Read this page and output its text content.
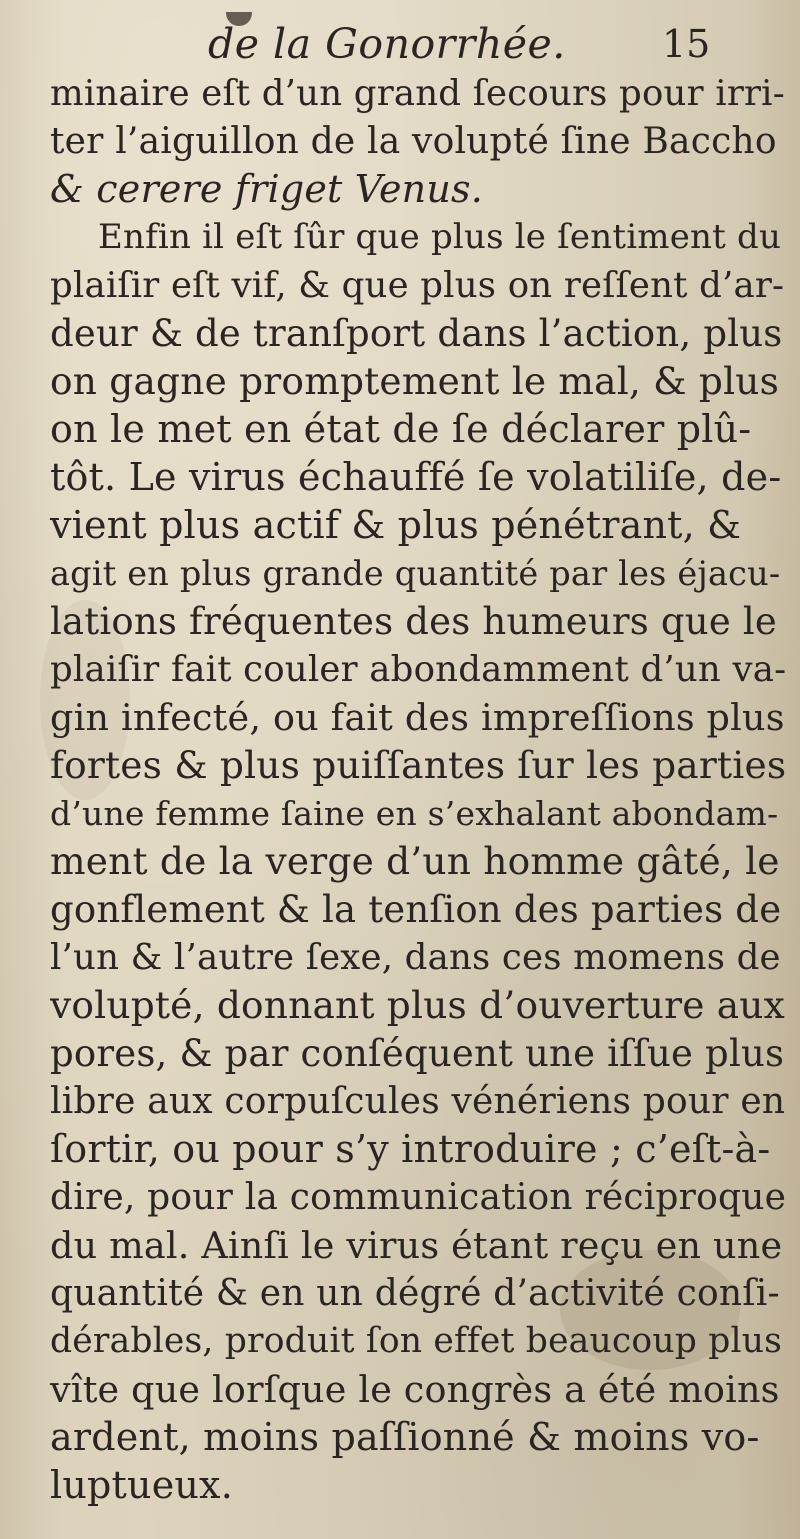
de la Gonorrhée.	15
minaire eſt d’un grand ſecours pour irri-
ter l’aiguillon de la volupté ſine Baccho
& cerere friget Venus.
Enfin il eſt ſûr que plus le ſentiment du
plaiſir eſt vif, & que plus on reſſent d’ar-
deur & de tranſport dans l’action, plus
on gagne promptement le mal, & plus
on le met en état de ſe déclarer plû-
tôt. Le virus échauffé ſe volatiliſe, de-
vient plus actif & plus pénétrant, &
agit en plus grande quantité par les éjacu-
lations fréquentes des humeurs que le
plaiſir fait couler abondamment d’un va-
gin infecté, ou fait des impreſſions plus
fortes & plus puiſſantes ſur les parties
d’une femme ſaine en s’exhalant abondam-
ment de la verge d’un homme gâté, le
gonflement & la tenſion des parties de
l’un & l’autre ſexe, dans ces momens de
volupté, donnant plus d’ouverture aux
pores, & par conſéquent une iſſue plus
libre aux corpuſcules vénériens pour en
ſortir, ou pour s’y introduire ; c’eſt-à-
dire, pour la communication réciproque
du mal. Ainſi le virus étant reçu en une
quantité & en un dégré d’activité conſi-
dérables, produit ſon effet beaucoup plus
vîte que lorſque le congrès a été moins
ardent, moins paſſionné & moins vo-
luptueux.
